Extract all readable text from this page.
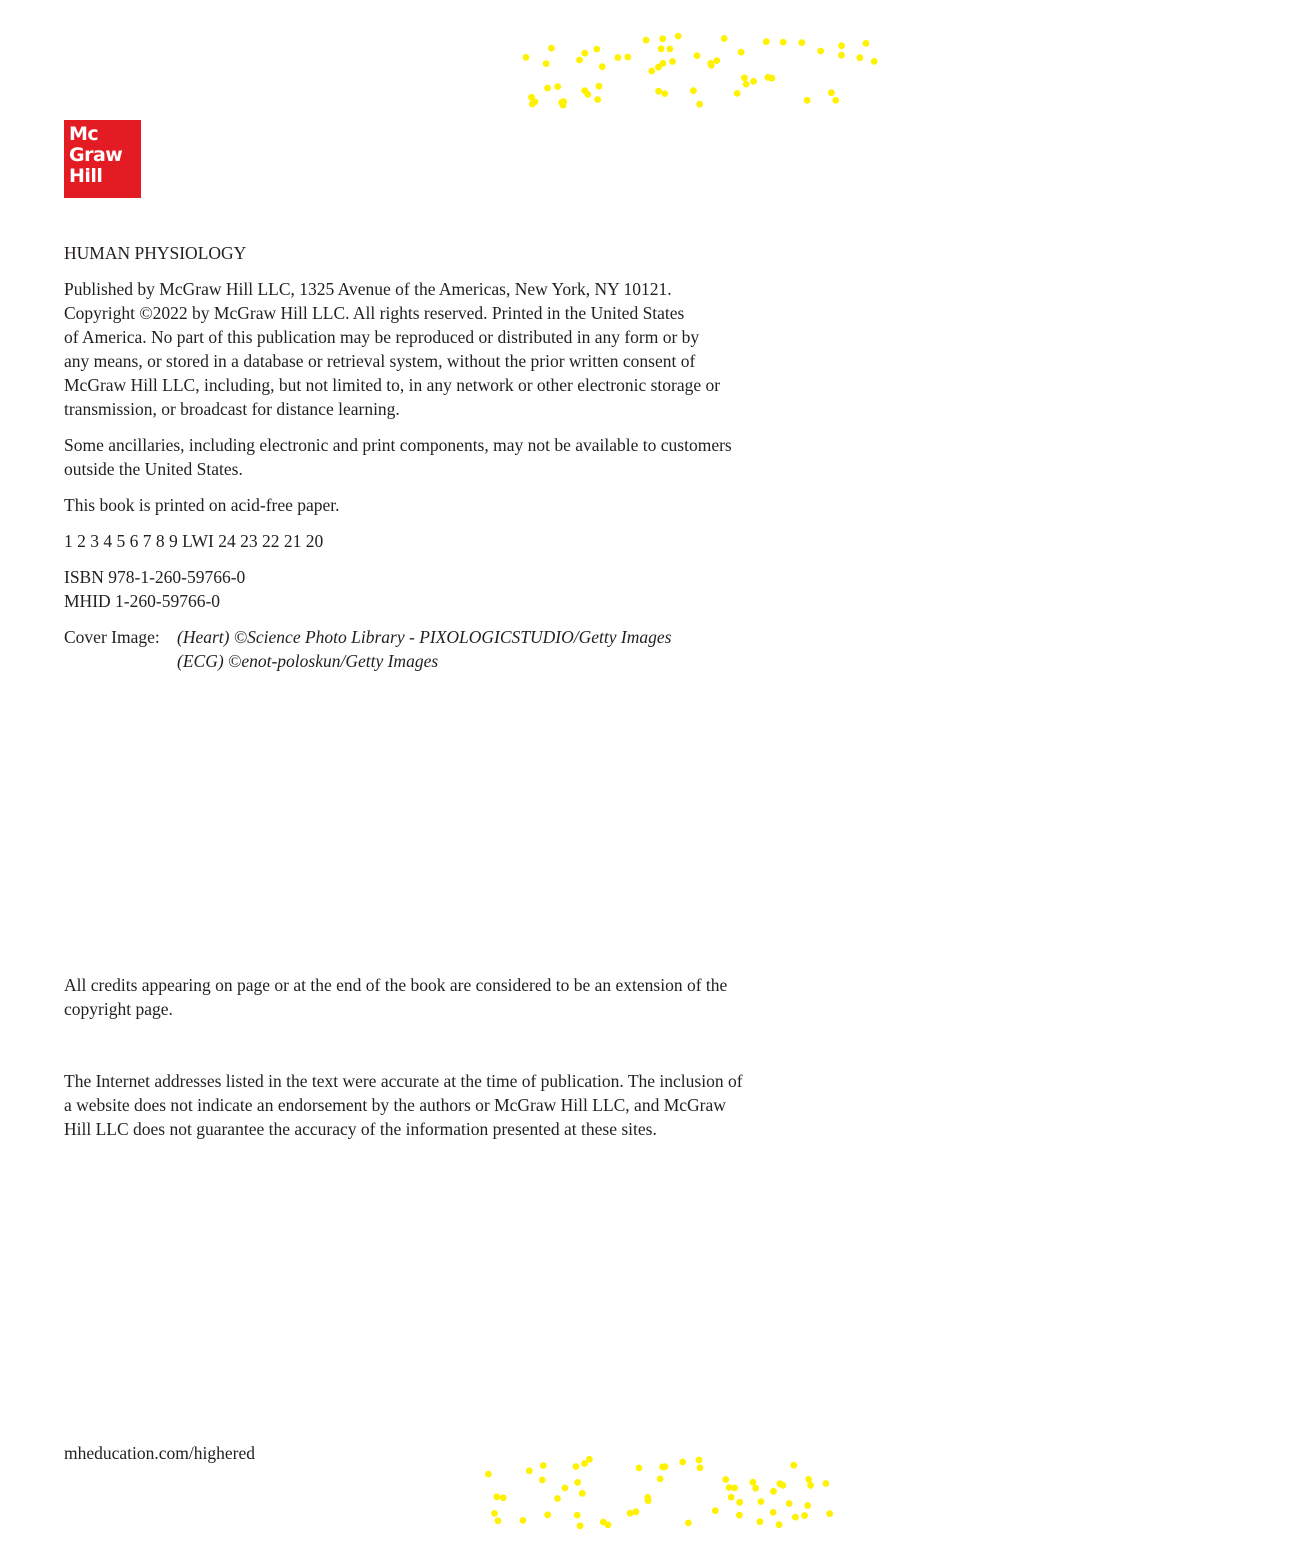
Mc
Graw
Hill

HUMAN PHYSIOLOGY

Published by McGraw Hill LLC, 1325 Avenue of the Americas, New York, NY 10121.
Copyright ©2022 by McGraw Hill LLC. All rights reserved. Printed in the United States
of America. No part of this publication may be reproduced or distributed in any form or by
any means, or stored in a database or retrieval system, without the prior written consent of
McGraw Hill LLC, including, but not limited to, in any network or other electronic storage or
transmission, or broadcast for distance learning.

Some ancillaries, including electronic and print components, may not be available to customers
outside the United States.

This book is printed on acid-free paper.

1 2 3 4 5 6 7 8 9 LWI 24 23 22 21 20

ISBN 978-1-260-59766-0
MHID 1-260-59766-0

Cover Image: (Heart) ©Science Photo Library - PIXOLOGICSTUDIO/Getty Images
(ECG) ©enot-poloskun/Getty Images

All credits appearing on page or at the end of the book are considered to be an extension of the
copyright page.

The Internet addresses listed in the text were accurate at the time of publication. The inclusion of
a website does not indicate an endorsement by the authors or McGraw Hill LLC, and McGraw
Hill LLC does not guarantee the accuracy of the information presented at these sites.

mheducation.com/highered
